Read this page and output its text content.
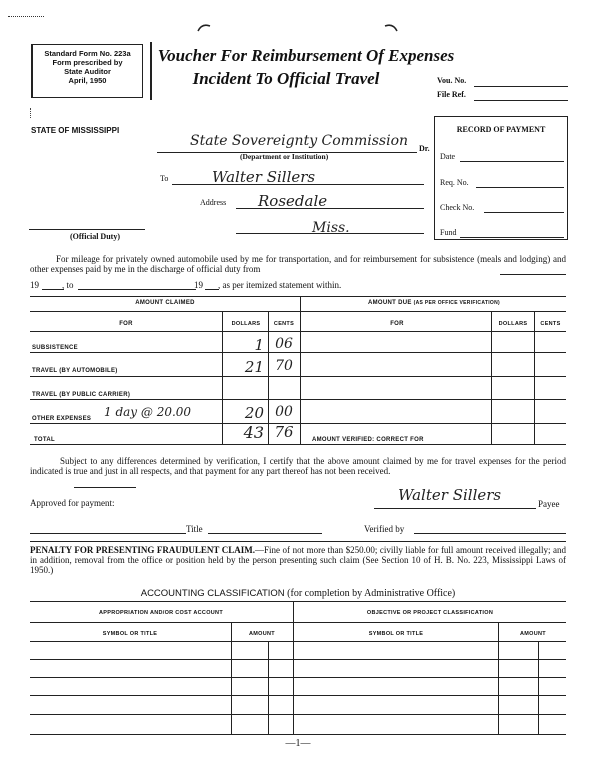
Standard Form No. 223a
Form prescribed by
State Auditor
April, 1950
Voucher For Reimbursement Of Expenses
Incident To Official Travel	Vou. No.
File Ref.
STATE OF MISSISSIPPI
State Sovereignty Commission Dr.
(Department or Institution)
To	Walter Sillers
Address Rosedale
Miss.
(Official Duty)
RECORD OF PAYMENT
Date
Req. No.
Check No.
Fund
For mileage for privately owned automobile used by me for transportation, and for reimbursement for subsistence (meals and lodging) and other expenses paid by me in the discharge of official duty from
19	, to	19 , as per itemized statement within.
AMOUNT CLAIMED	AMOUNT DUE (AS PER OFFICE VERIFICATION)
FOR	DOLLARS	CENTS	FOR	DOLLARS	CENTS
SUBSISTENCE	1 06
TRAVEL (BY AUTOMOBILE)	21 70
TRAVEL (BY PUBLIC CARRIER)
OTHER EXPENSES 1 day @ 20.00	20 00
TOTAL	43 76	AMOUNT VERIFIED: CORRECT FOR
Subject to any differences determined by verification, I certify that the above amount claimed by me for travel expenses for the period indicated is true and just in all respects, and that payment for any part thereof has not been received.
Approved for payment:	Walter Sillers	Payee
Title	Verified by
PENALTY FOR PRESENTING FRAUDULENT CLAIM.—Fine of not more than $250.00; civilly liable for full amount received illegally; and in addition, removal from the office or position held by the person presenting such claim (See Section 10 of H. B. No. 223, Mississippi Laws of 1950.)
ACCOUNTING CLASSIFICATION (for completion by Administrative Office)
APPROPRIATION AND/OR COST ACCOUNT	OBJECTIVE OR PROJECT CLASSIFICATION
SYMBOL OR TITLE	AMOUNT	SYMBOL OR TITLE	AMOUNT
—1—
